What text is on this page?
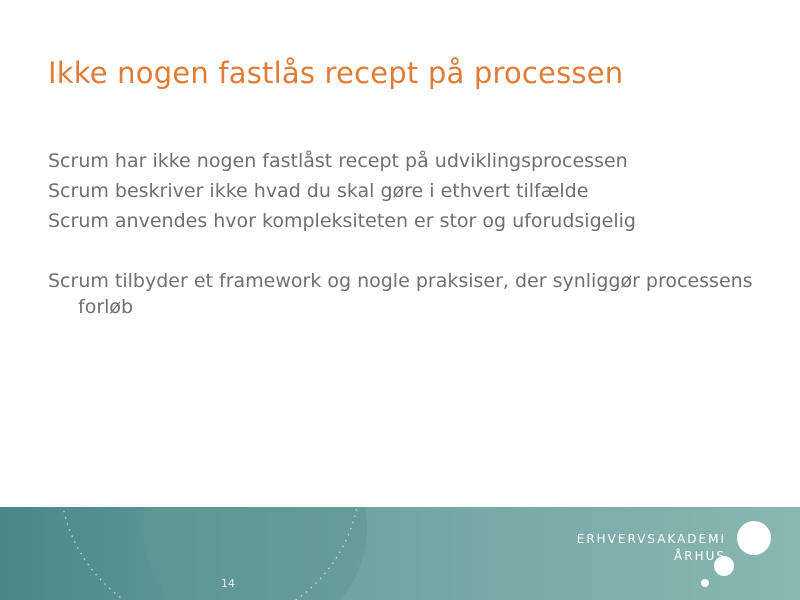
Ikke nogen fastlås recept på processen

Scrum har ikke nogen fastlåst recept på udviklingsprocessen

Scrum beskriver ikke hvad du skal gøre i ethvert tilfælde

Scrum anvendes hvor kompleksiteten er stor og uforudsigelig

Scrum tilbyder et framework og nogle praksiser, der synliggør processens forløb

14
ERHVERVSAKADEMI
ÅRHUS
